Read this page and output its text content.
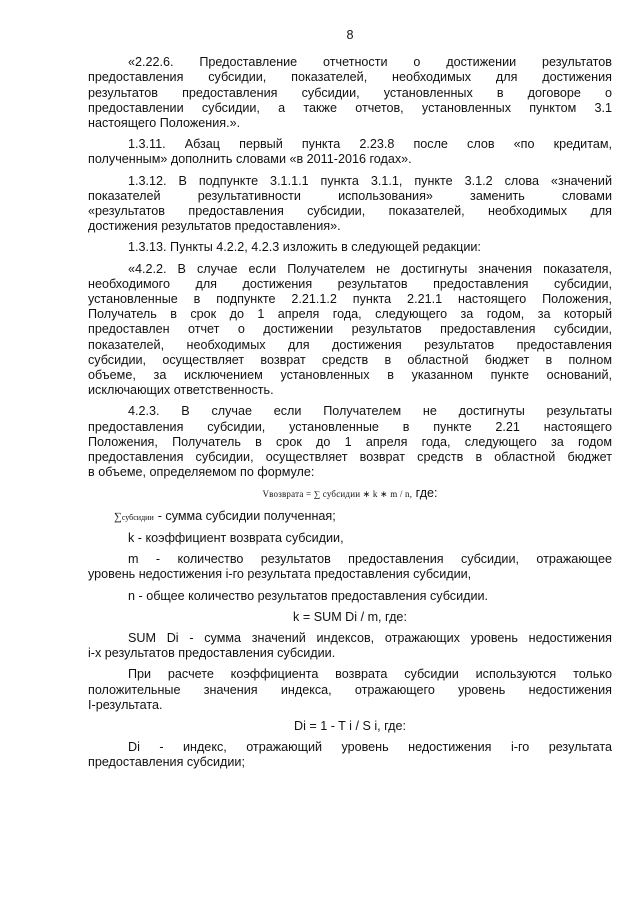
8
«2.22.6. Предоставление отчетности о достижении результатов
предоставления субсидии, показателей, необходимых для достижения
результатов предоставления субсидии, установленных в договоре о
предоставлении субсидии, а также отчетов, установленных пунктом 3.1
настоящего Положения.».
1.3.11. Абзац первый пункта 2.23.8 после слов «по кредитам,
полученным» дополнить словами «в 2011-2016 годах».
1.3.12. В подпункте 3.1.1.1 пункта 3.1.1, пункте 3.1.2 слова «значений
показателей результативности использования» заменить словами
«результатов предоставления субсидии, показателей, необходимых для
достижения результатов предоставления».
1.3.13. Пункты 4.2.2, 4.2.3 изложить в следующей редакции:
«4.2.2. В случае если Получателем не достигнуты значения показателя,
необходимого для достижения результатов предоставления субсидии,
установленные в подпункте 2.21.1.2 пункта 2.21.1 настоящего Положения,
Получатель в срок до 1 апреля года, следующего за годом, за который
предоставлен отчет о достижении результатов предоставления субсидии,
показателей, необходимых для достижения результатов предоставления
субсидии, осуществляет возврат средств в областной бюджет в полном
объеме, за исключением установленных в указанном пункте оснований,
исключающих ответственность.
4.2.3. В случае если Получателем не достигнуты результаты
предоставления субсидии, установленные в пункте 2.21 настоящего
Положения, Получатель в срок до 1 апреля года, следующего за годом
предоставления субсидии, осуществляет возврат средств в областной бюджет
в объеме, определяемом по формуле:
Vвозврата = ∑ субсидии ∗ k ∗ m / n, где:
∑субсидии - сумма субсидии полученная;
k - коэффициент возврата субсидии,
m - количество результатов предоставления субсидии, отражающее
уровень недостижения i-го результата предоставления субсидии,
n - общее количество результатов предоставления субсидии.
k = SUM Di / m, где:
SUM Di - сумма значений индексов, отражающих уровень недостижения
i-х результатов предоставления субсидии.
При расчете коэффициента возврата субсидии используются только
положительные значения индекса, отражающего уровень недостижения
I-результата.
Di = 1 - T i / S i, где:
Di - индекс, отражающий уровень недостижения i-го результата
предоставления субсидии;
